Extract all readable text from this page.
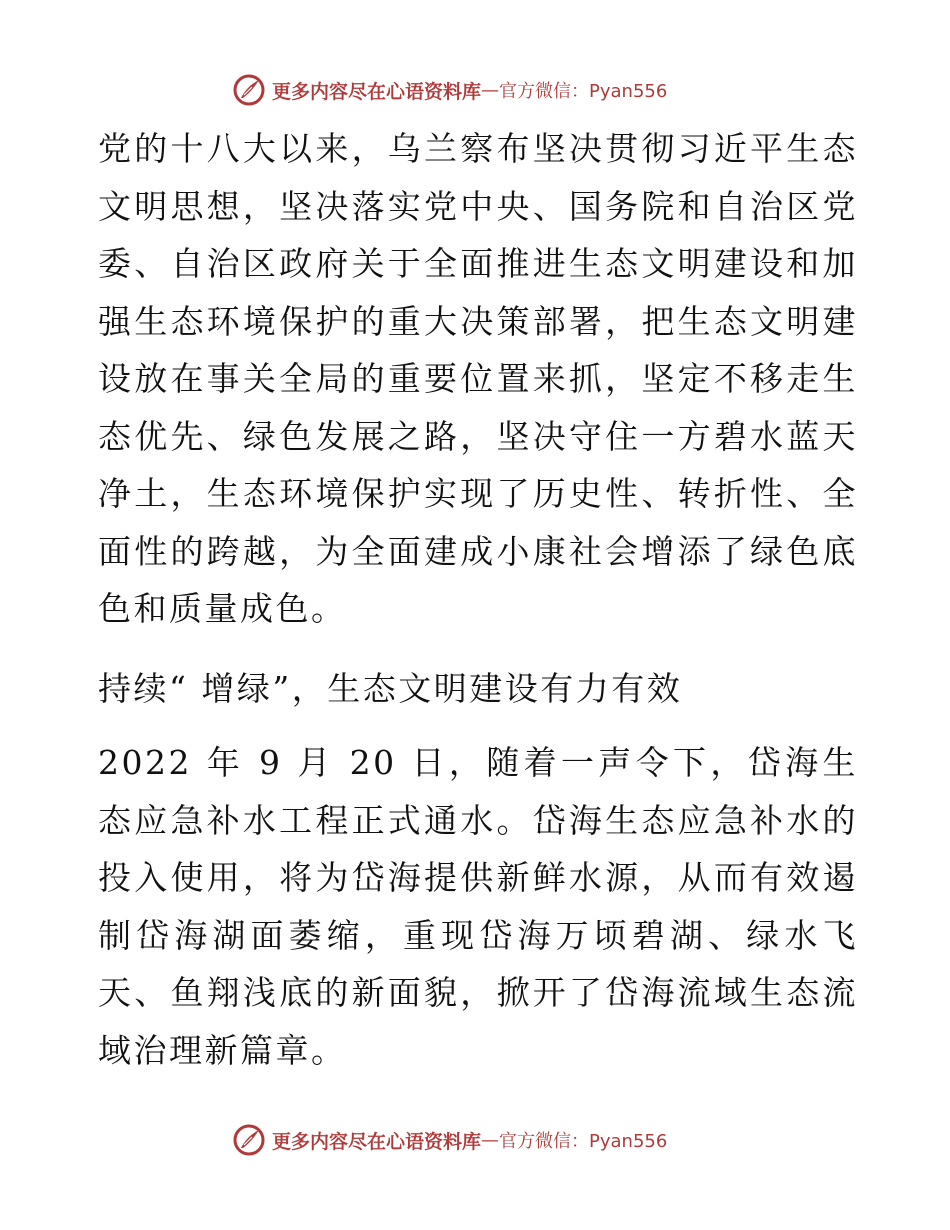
更多内容尽在心语资料库 — 官方微信：Pyan556

党的十八大以来，乌兰察布坚决贯彻习近平生态文明思想，坚决落实党中央、国务院和自治区党委、自治区政府关于全面推进生态文明建设和加强生态环境保护的重大决策部署，把生态文明建设放在事关全局的重要位置来抓，坚定不移走生态优先、绿色发展之路，坚决守住一方碧水蓝天净土，生态环境保护实现了历史性、转折性、全面性的跨越，为全面建成小康社会增添了绿色底色和质量成色。

持续“ 增绿”，生态文明建设有力有效

2022 年 9 月 20 日，随着一声令下，岱海生态应急补水工程正式通水。岱海生态应急补水的投入使用，将为岱海提供新鲜水源，从而有效遏制岱海湖面萎缩，重现岱海万顷碧湖、绿水飞天、鱼翔浅底的新面貌，掀开了岱海流域生态流域治理新篇章。

更多内容尽在心语资料库 — 官方微信：Pyan556
